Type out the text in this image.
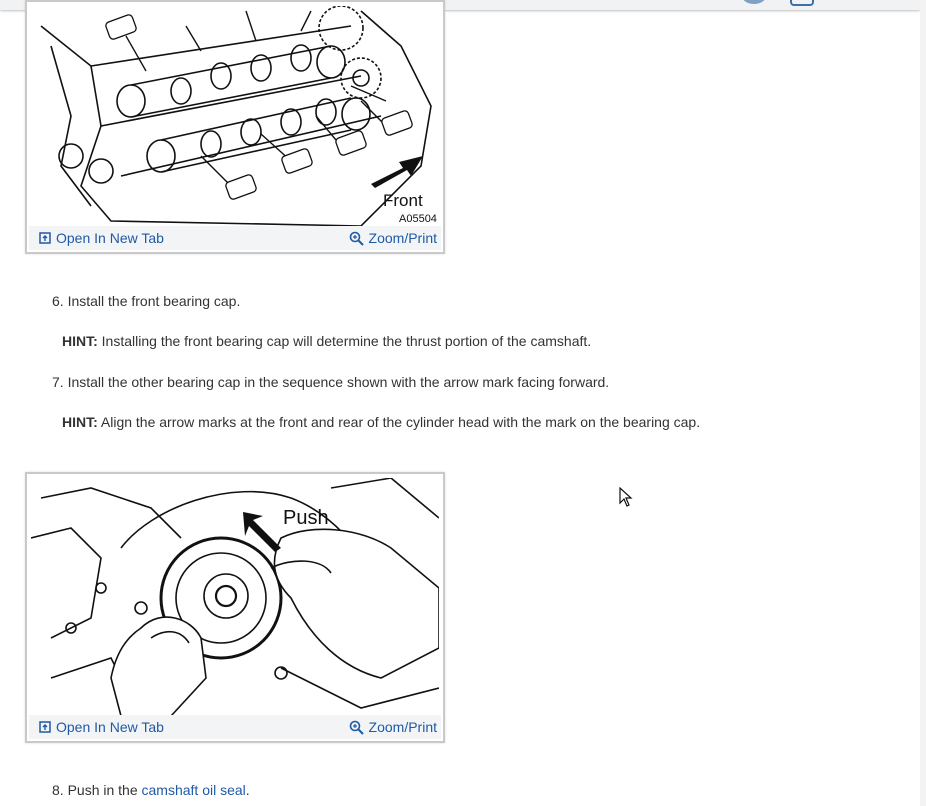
Front
A05504
Open In New Tab	Zoom/Print
6. Install the front bearing cap.
HINT: Installing the front bearing cap will determine the thrust portion of the camshaft.
7. Install the other bearing cap in the sequence shown with the arrow mark facing forward.
HINT: Align the arrow marks at the front and rear of the cylinder head with the mark on the bearing cap.
Push
Open In New Tab	Zoom/Print
8. Push in the camshaft oil seal.
